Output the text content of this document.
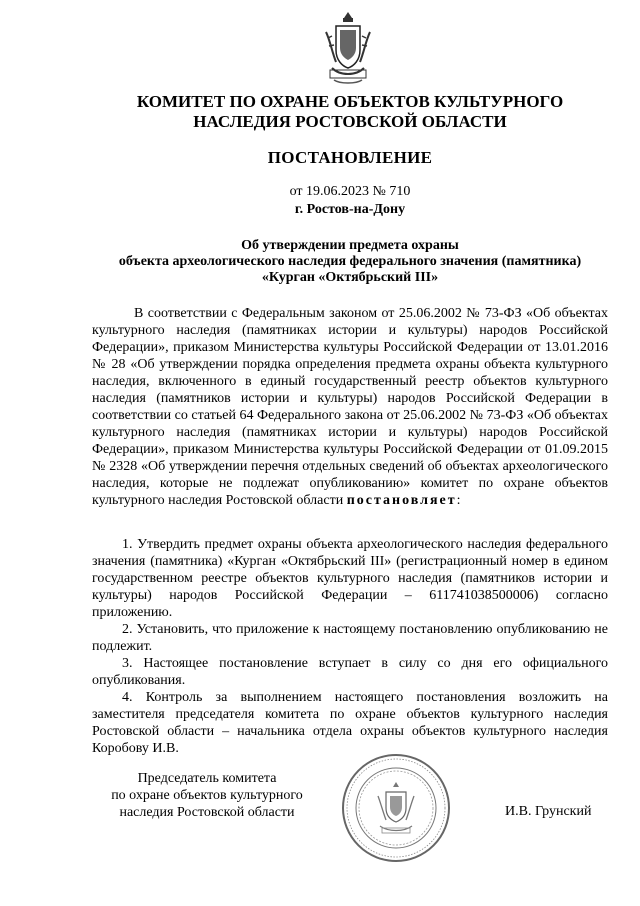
КОМИТЕТ ПО ОХРАНЕ ОБЪЕКТОВ КУЛЬТУРНОГО
НАСЛЕДИЯ РОСТОВСКОЙ ОБЛАСТИ
ПОСТАНОВЛЕНИЕ
от 19.06.2023 № 710
г. Ростов-на-Дону
Об утверждении предмета охраны
объекта археологического наследия федерального значения (памятника)
«Курган «Октябрьский III»

В соответствии с Федеральным законом от 25.06.2002 № 73-ФЗ «Об объектах культурного наследия (памятниках истории и культуры) народов Российской Федерации», приказом Министерства культуры Российской Федерации от 13.01.2016 № 28 «Об утверждении порядка определения предмета охраны объекта культурного наследия, включенного в единый государственный реестр объектов культурного наследия (памятников истории и культуры) народов Российской Федерации в соответствии со статьей 64 Федерального закона от 25.06.2002 № 73-ФЗ «Об объектах культурного наследия (памятниках истории и культуры) народов Российской Федерации», приказом Министерства культуры Российской Федерации от 01.09.2015 № 2328 «Об утверждении перечня отдельных сведений об объектах археологического наследия, которые не подлежат опубликованию» комитет по охране объектов культурного наследия Ростовской области постановляет:

1. Утвердить предмет охраны объекта археологического наследия федерального значения (памятника) «Курган «Октябрьский III» (регистрационный номер в едином государственном реестре объектов культурного наследия (памятников истории и культуры) народов Российской Федерации – 611741038500006) согласно приложению.

2. Установить, что приложение к настоящему постановлению опубликованию не подлежит.

3. Настоящее постановление вступает в силу со дня его официального опубликования.

4. Контроль за выполнением настоящего постановления возложить на заместителя председателя комитета по охране объектов культурного наследия Ростовской области – начальника отдела охраны объектов культурного наследия Коробову И.В.

Председатель комитета
по охране объектов культурного
наследия Ростовской области	И.В. Грунский
